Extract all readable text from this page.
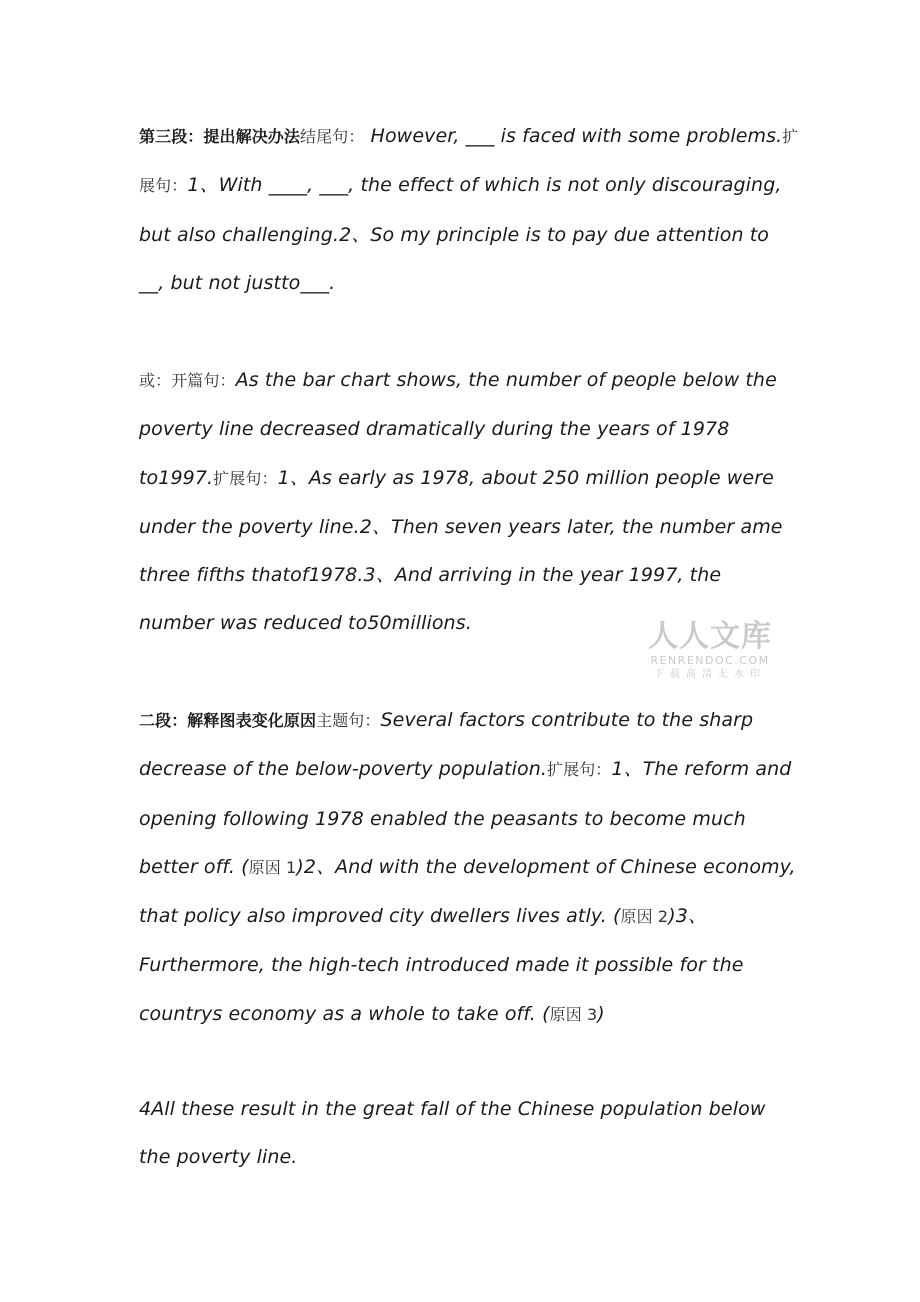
第三段：提出解决办法结尾句： However, ___ is faced with some problems.扩展句：1、With ____, ___, the effect of which is not only discouraging, but also challenging.2、So my principle is to pay due attention to __, but not justto___.

或：开篇句：As the bar chart shows, the number of people below the poverty line decreased dramatically during the years of 1978 to1997.扩展句：1、As early as 1978, about 250 million people were under the poverty line.2、Then seven years later, the number ame three fifths thatof1978.3、And arriving in the year 1997, the number was reduced to50millions.

二段：解释图表变化原因主题句：Several factors contribute to the sharp decrease of the below-poverty population.扩展句：1、The reform and opening following 1978 enabled the peasants to become much better off. (原因 1)2、And with the development of Chinese economy, that policy also improved city dwellers lives atly. (原因 2)3、Furthermore, the high-tech introduced made it possible for the countrys economy as a whole to take off. (原因 3)

4All these result in the great fall of the Chinese population below the poverty line.

人人文库
RENRENDOC.COM
下载高清无水印
